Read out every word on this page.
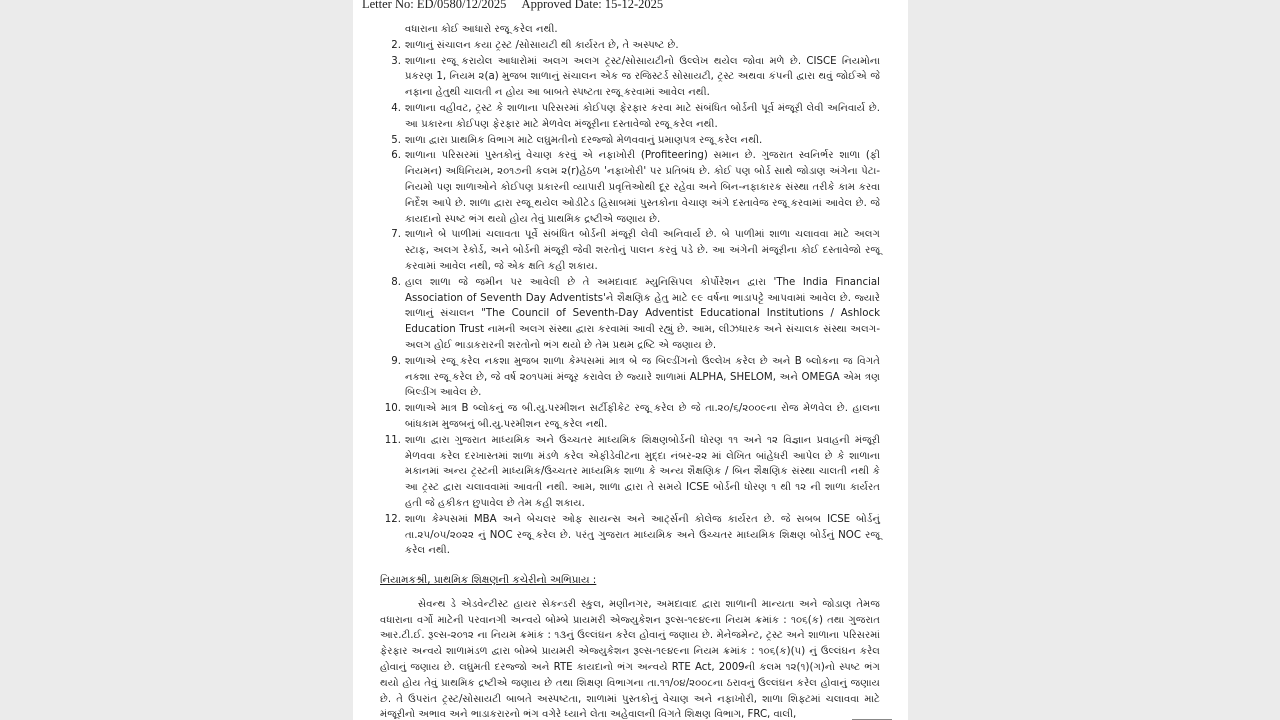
Letter No: ED/0580/12/2025 Approved Date: 15-12-2025

વધારાના કોઈ આધારો રજૂ કરેલ નથી.

2. શાળાનું સંચાલન કયા ટ્રસ્ટ /સોસાયટી થી કાર્યરત છે, તે અસ્પષ્ટ છે.
3. શાળાના રજૂ કરાયેલ આધારોમાં અલગ અલગ ટ્રસ્ટ/સોસાયટીનો ઉલ્લેખ થયેલ જોવા મળે છે. CISCE નિયમોના પ્રકરણ 1, નિયમ ૨(a) મુજબ શાળાનું સંચાલન એક જ રજિસ્ટર્ડ સોસાયટી, ટ્રસ્ટ અથવા કંપની દ્વારા થવું જોઈએ જે નફાના હેતુથી ચાલતી ન હોય આ બાબતે સ્પષ્ટતા રજૂ કરવામાં આવેલ નથી.
4. શાળાના વહીવટ, ટ્રસ્ટ કે શાળાના પરિસરમાં કોઈપણ ફેરફાર કરવા માટે સંબંધિત બોર્ડની પૂર્વ મંજૂરી લેવી અનિવાર્ય છે. આ પ્રકારના કોઈપણ ફેરફાર માટે મેળવેલ મંજૂરીના દસ્તાવેજો રજૂ કરેલ નથી.
5. શાળા દ્વારા પ્રાથમિક વિભાગ માટે લઘુમતીનો દરજ્જો મેળવવાનું પ્રમાણપત્ર રજૂ કરેલ નથી.
6. શાળાના પરિસરમાં પુસ્તકોનું વેચાણ કરવું એ નફાખોરી (Profiteering) સમાન છે. ગુજરાત સ્વનિર્ભર શાળા (ફી નિયમન) અધિનિયમ, ૨૦૧૭ની કલમ ૨(r)હેઠળ 'નફાખોરી' પર પ્રતિબંધ છે. કોઈ પણ બોર્ડ સાથે જોડાણ અંગેના પેટા-નિયમો પણ શાળાઓને કોઈપણ પ્રકારની વ્યાપારી પ્રવૃત્તિઓથી દૂર રહેવા અને બિન-નફાકારક સંસ્થા તરીકે કામ કરવા નિર્દેશ આપે છે. શાળા દ્વારા રજૂ થયેલ ઓડીટેડ હિસાબમાં પુસ્તકોના વેચાણ અંગે દસ્તાવેજ રજૂ કરવામાં આવેલ છે. જે કાયદાનો સ્પષ્ટ ભંગ થયો હોય તેવું પ્રાથમિક દ્રષ્ટીએ જણાય છે.
7. શાળાને બે પાળીમાં ચલાવતા પૂર્વે સંબંધિત બોર્ડની મંજૂરી લેવી અનિવાર્ય છે. બે પાળીમાં શાળા ચલાવવા માટે અલગ સ્ટાફ, અલગ રેકોર્ડ, અને બોર્ડની મંજૂરી જેવી શરતોનું પાલન કરવું પડે છે. આ અંગેની મંજૂરીના કોઈ દસ્તાવેજો રજૂ કરવામાં આવેલ નથી, જે એક ક્ષતિ કહી શકાય.
8. હાલ શાળા જે જમીન પર આવેલી છે તે અમદાવાદ મ્યુનિસિપલ કોર્પોરેશન દ્વારા 'The India Financial Association of Seventh Day Adventists'ને શૈક્ષણિક હેતુ માટે ૯૯ વર્ષના ભાડાપટ્ટે આપવામાં આવેલ છે. જ્યારે શાળાનું સંચાલન "The Council of Seventh-Day Adventist Educational Institutions / Ashlock Education Trust નામની અલગ સંસ્થા દ્વારા કરવામાં આવી રહ્યું છે. આમ, લીઝધારક અને સંચાલક સંસ્થા અલગ-અલગ હોઈ ભાડાકરારની શરતોનો ભંગ થયો છે તેમ પ્રથમ દ્રષ્ટિ એ જણાય છે.
9. શાળાએ રજૂ કરેલ નકશા મુજબ શાળા કેમ્પસમાં માત્ર બે જ બિલ્ડીંગનો ઉલ્લેખ કરેલ છે અને B બ્લોકના જ વિગતે નકશા રજૂ કરેલ છે, જે વર્ષ ૨૦૧૫માં મંજૂર કરાવેલ છે જ્યારે શાળામાં ALPHA, SHELOM, અને OMEGA એમ ત્રણ બિલ્ડીંગ આવેલ છે.
10. શાળાએ માત્ર B બ્લોકનું જ બી.યુ.પરમીશન સર્ટીફીકેટ રજૂ કરેલ છે જે તા.૨૦/૬/૨૦૦૯ના રોજ મેળવેલ છે. હાલના બાંધકામ મુજબનું બી.યુ.પરમીશન રજૂ કરેલ નથી.
11. શાળા દ્વારા ગુજરાત માધ્યમિક અને ઉચ્ચતર માધ્યમિક શિક્ષણબોર્ડની ધોરણ ૧૧ અને ૧૨ વિજ્ઞાન પ્રવાહની મંજૂરી મેળવવા કરેલ દરખાસ્તમાં શાળા મંડળે કરેલ એફીડેવીટના મુદ્દા નંબર-૨૨ માં લેખિત બાંહેધરી આપેલ છે કે શાળાના મકાનમાં અન્ય ટ્રસ્ટની માધ્યમિક/ઉચ્ચતર માધ્યમિક શાળા કે અન્ય શૈક્ષણિક / બિન શૈક્ષણિક સંસ્થા ચાલતી નથી કે આ ટ્રસ્ટ દ્વારા ચલાવવામાં આવતી નથી. આમ, શાળા દ્વારા તે સમયે ICSE બોર્ડની ધોરણ ૧ થી ૧૨ ની શાળા કાર્યરત હતી જે હકીકત છુપાવેલ છે તેમ કહી શકાય.
12. શાળા કેમ્પસમાં MBA અને બેચલર ઓફ સાયન્સ અને આર્ટ્સની કોલેજ કાર્યરત છે. જે સબબ ICSE બોર્ડનું તા.૨૫/૦૫/૨૦૨૨ નું NOC રજૂ કરેલ છે. પરંતુ ગુજરાત માધ્યમિક અને ઉચ્ચતર માધ્યમિક શિક્ષણ બોર્ડનું NOC રજૂ કરેલ નથી.
નિયામકશ્રી, પ્રાથમિક શિક્ષણની કચેરીનો અભિપ્રાય :

સેવન્થ ડે એડવેન્ટીસ્ટ હાયર સેકન્ડરી સ્કુલ, મણીનગર, અમદાવાદ દ્વારા શાળાની માન્યતા અને જોડાણ તેમજ વધારાના વર્ગો માટેની પરવાનગી અન્વયે બોમ્બે પ્રાયમરી એજ્યુકેશન રૂલ્સ-૧૯૪૯ના નિયમ ક્રમાંક : ૧૦૬(ક) તથા ગુજરાત આર.ટી.ઈ. રૂલ્સ-૨૦૧૨ ના નિયમ ક્રમાંક : ૧૩નું ઉલ્લંઘન કરેલ હોવાનું જણાય છે. મેનેજમેન્ટ, ટ્રસ્ટ અને શાળાના પરિસરમાં ફેરફાર અન્વયે શાળામંડળ દ્વારા બોમ્બે પ્રાયમરી એજ્યુકેશન રૂલ્સ-૧૯૪૯ના નિયમ ક્રમાંક : ૧૦૬(ક)(૫) નું ઉલ્લંઘન કરેલ હોવાનું જણાય છે. લઘુમતી દરજ્જો અને RTE કાયદાનો ભંગ અન્વયે RTE Act, 2009ની કલમ ૧૨(૧)(ગ)નો સ્પષ્ટ ભંગ થયો હોય તેવું પ્રાથમિક દ્રષ્ટીએ જણાય છે તથા શિક્ષણ વિભાગના તા.૧૧/૦૪/૨૦૦૮ના ઠરાવનું ઉલ્લંઘન કરેલ હોવાનું જણાય છે. તે ઉપરાંત ટ્રસ્ટ/સોસાયટી બાબતે અસ્પષ્ટતા, શાળામાં પુસ્તકોનું વેચાણ અને નફાખોરી, શાળા શિફ્ટમાં ચલાવવા માટે મંજૂરીનો અભાવ અને ભાડાકરારનો ભંગ વગેરે ધ્યાને લેતા અહેવાલની વિગતે શિક્ષણ વિભાગ, FRC, વાલી,
